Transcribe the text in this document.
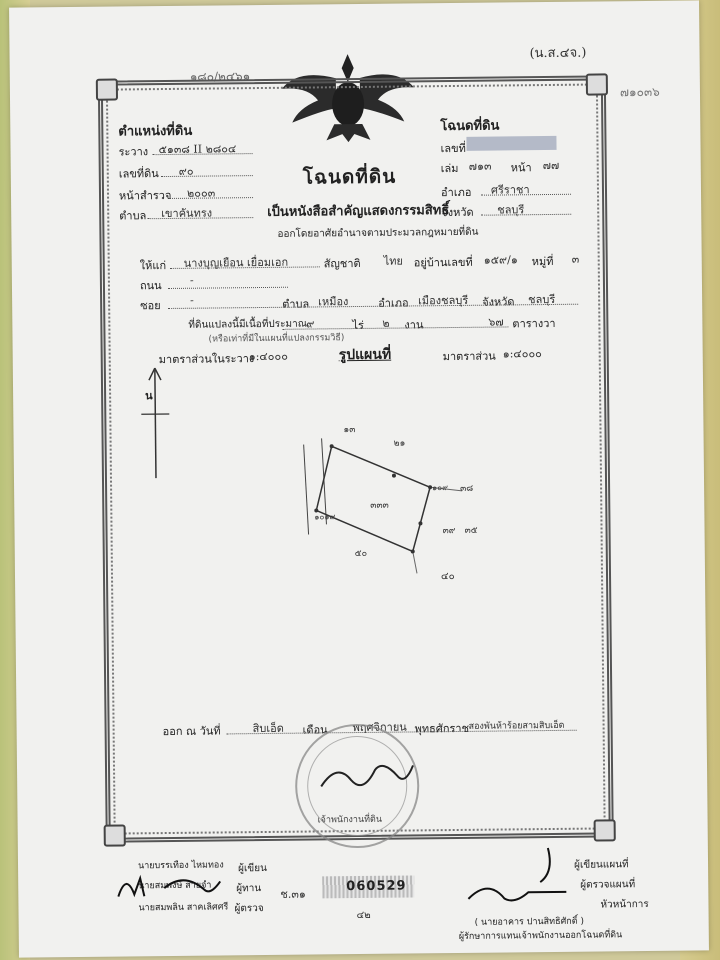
(น.ส.๔จ.)
๑๘๐/๒๔๖๑
๗๑๐๓๖
ตำแหน่งที่ดิน
ระวาง ๕๑๓๘ II ๒๘๐๔
เลขที่ดิน ๙๐
หน้าสำรวจ ๒๐๐๓
ตำบล เขาคันทรง
โฉนดที่ดิน
เลขที่
เล่ม ๗๑๓ หน้า ๗๗
อำเภอ ศรีราชา
จังหวัด ชลบุรี
โฉนดที่ดิน
เป็นหนังสือสำคัญแสดงกรรมสิทธิ์
ออกโดยอาศัยอำนาจตามประมวลกฎหมายที่ดิน
ให้แก่ นางบุญเยือน เยื่อมเอก	สัญชาติ ไทย อยู่บ้านเลขที่ ๑๕๙/๑ หมู่ที่ ๓
ถนน	-
ซอย	-	ตำบล เหมือง	อำเภอ เมืองชลบุรี จังหวัด ชลบุรี
ที่ดินแปลงนี้มีเนื้อที่ประมาณ ๙	ไร่ ๒ งาน	๖๗ ตารางวา
(หรือเท่าที่มีในแผนที่แปลงกรรมวิธี)
มาตราส่วนในระวาง
๑:๔๐๐๐	รูปแผนที่	มาตราส่วน ๑:๔๐๐๐
น
๑๓
๒๑
๓๘
๓๓๓
๑๐๙
๑๐๑๙
๓๙ ๓๕
๕๐
๔๐
ออก ณ วันที่	สิบเอ็ด เดือน พฤศจิกายน พุทธศักราช สองพันห้าร้อยสามสิบเอ็ด
เจ้าพนักงานที่ดิน
นายบรรเทือง ไหมทอง ผู้เขียน
นายสมพงษ์ สายจำ ผู้ทาน
นายสมพลิน สาคเลิศศรี ผู้ตรวจ
ช.๓๑
060529
๔๒
ผู้เขียนแผนที่
ผู้ตรวจแผนที่
หัวหน้าการ
( นายอาคาร ปานสิทธิศักดิ์ )
ผู้รักษาการแทนเจ้าพนักงานออกโฉนดที่ดิน
